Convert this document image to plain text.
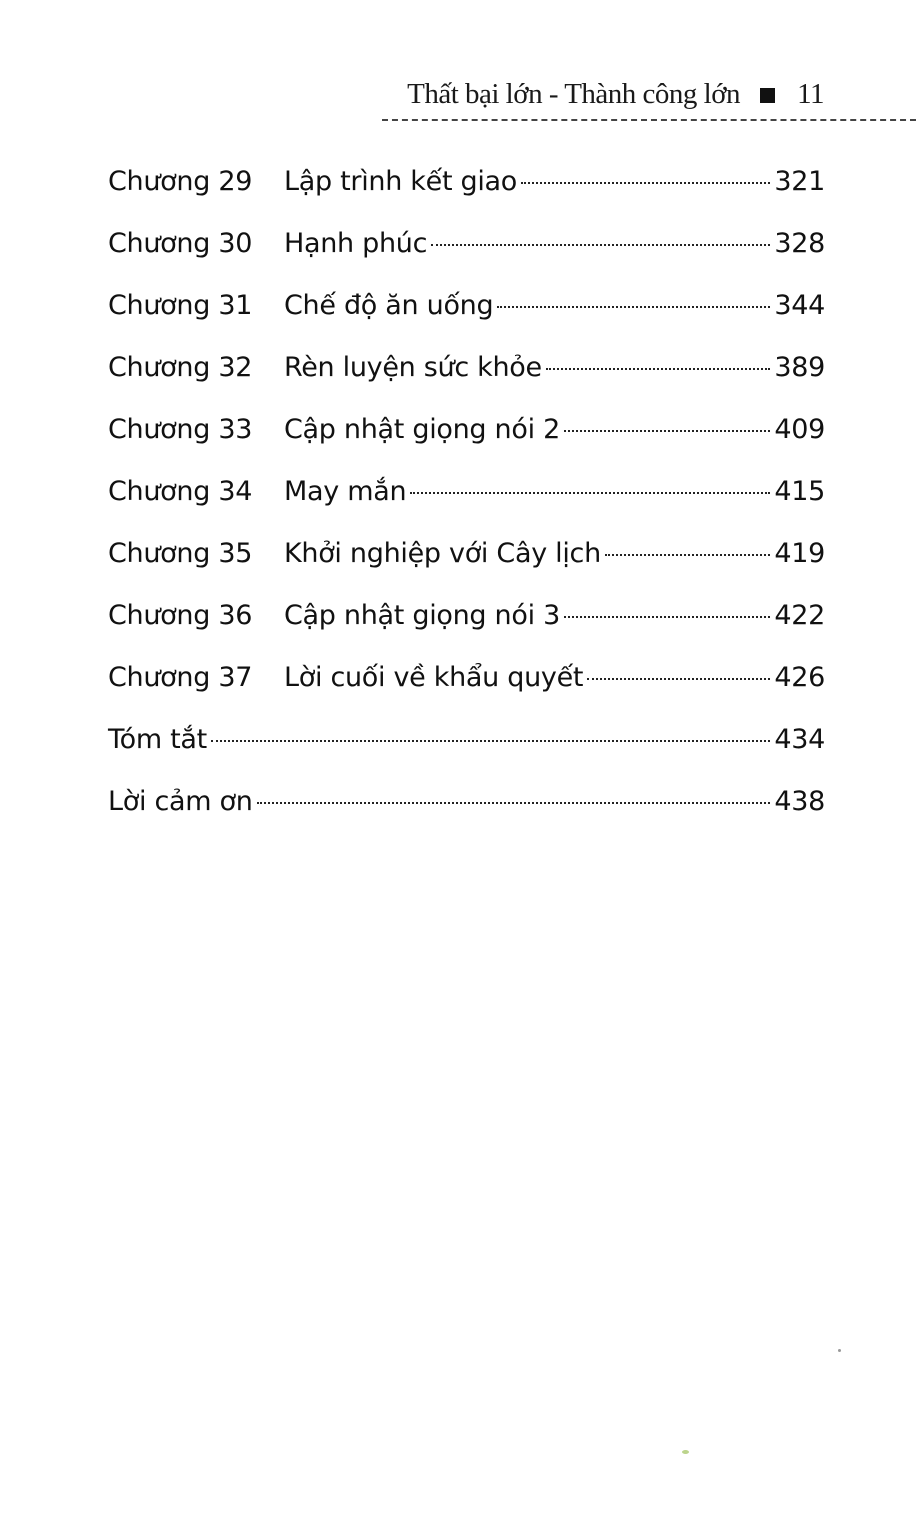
Thất bại lớn - Thành công lớn 11
Chương 29	Lập trình kết giao	321
Chương 30	Hạnh phúc	328
Chương 31	Chế độ ăn uống	344
Chương 32	Rèn luyện sức khỏe	389
Chương 33	Cập nhật giọng nói 2	409
Chương 34	May mắn	415
Chương 35	Khởi nghiệp với Cây lịch	419
Chương 36	Cập nhật giọng nói 3	422
Chương 37	Lời cuối về khẩu quyết	426
Tóm tắt	434
Lời cảm ơn	438
